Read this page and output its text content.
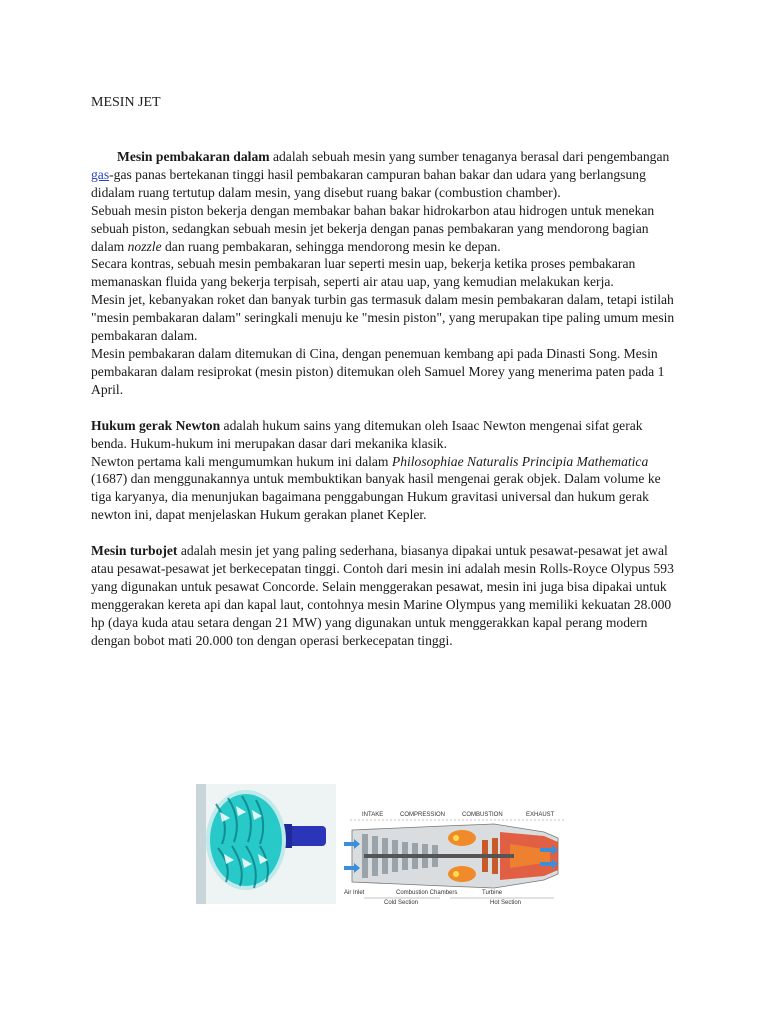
MESIN JET

Mesin pembakaran dalam adalah sebuah mesin yang sumber tenaganya berasal dari pengembangan gas-gas panas bertekanan tinggi hasil pembakaran campuran bahan bakar dan udara yang berlangsung didalam ruang tertutup dalam mesin, yang disebut ruang bakar (combustion chamber).

Sebuah mesin piston bekerja dengan membakar bahan bakar hidrokarbon atau hidrogen untuk menekan sebuah piston, sedangkan sebuah mesin jet bekerja dengan panas pembakaran yang mendorong bagian dalam nozzle dan ruang pembakaran, sehingga mendorong mesin ke depan.

Secara kontras, sebuah mesin pembakaran luar seperti mesin uap, bekerja ketika proses pembakaran memanaskan fluida yang bekerja terpisah, seperti air atau uap, yang kemudian melakukan kerja.

Mesin jet, kebanyakan roket dan banyak turbin gas termasuk dalam mesin pembakaran dalam, tetapi istilah "mesin pembakaran dalam" seringkali menuju ke "mesin piston", yang merupakan tipe paling umum mesin pembakaran dalam.

Mesin pembakaran dalam ditemukan di Cina, dengan penemuan kembang api pada Dinasti Song. Mesin pembakaran dalam resiprokat (mesin piston) ditemukan oleh Samuel Morey yang menerima paten pada 1 April.

Hukum gerak Newton adalah hukum sains yang ditemukan oleh Isaac Newton mengenai sifat gerak benda. Hukum-hukum ini merupakan dasar dari mekanika klasik.

Newton pertama kali mengumumkan hukum ini dalam Philosophiae Naturalis Principia Mathematica (1687) dan menggunakannya untuk membuktikan banyak hasil mengenai gerak objek. Dalam volume ke tiga karyanya, dia menunjukan bagaimana penggabungan Hukum gravitasi universal dan hukum gerak newton ini, dapat menjelaskan Hukum gerakan planet Kepler.

Mesin turbojet adalah mesin jet yang paling sederhana, biasanya dipakai untuk pesawat-pesawat jet awal atau pesawat-pesawat jet berkecepatan tinggi. Contoh dari mesin ini adalah mesin Rolls-Royce Olypus 593 yang digunakan untuk pesawat Concorde. Selain menggerakan pesawat, mesin ini juga bisa dipakai untuk menggerakan kereta api dan kapal laut, contohnya mesin Marine Olympus yang memiliki kekuatan 28.000 hp (daya kuda atau setara dengan 21 MW) yang digunakan untuk menggerakkan kapal perang modern dengan bobot mati 20.000 ton dengan operasi berkecepatan tinggi.

INTAKE	COMPRESSION	COMBUSTION	EXHAUST
Air Inlet	Combustion Chambers	Turbine
Cold Section	Hot Section
